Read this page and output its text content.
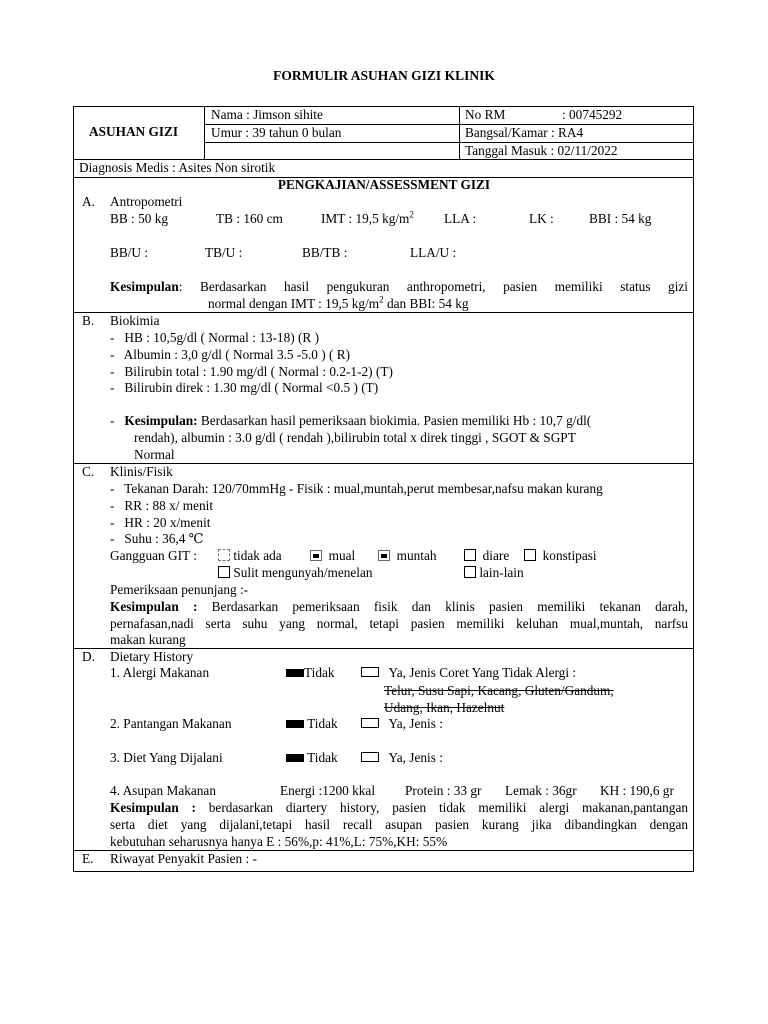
FORMULIR ASUHAN GIZI KLINIK
ASUHAN GIZI
Nama : Jimson sihite
Umur : 39 tahun 0 bulan
No RM	: 00745292
Bangsal/Kamar : RA4
Tanggal Masuk : 02/11/2022
Diagnosis Medis : Asites Non sirotik
PENGKAJIAN/ASSESSMENT GIZI
A. Antropometri
BB : 50 kg	TB : 160 cm	IMT : 19,5 $kg/m^2$ LLA :	LK :	BBI : 54 kg
BB/U :	TB/U :	BB/TB :	LLA/U :
Kesimpulan: Berdasarkan hasil pengukuran anthropometri, pasien memiliki status gizi
normal dengan IMT : 19,5 $kg/m^2$ dan BBI: 54 kg
B. Biokimia
-   HB : 10,5g/dl ( Normal : 13-18) (R )
-   Albumin : 3,0 g/dl ( Normal 3.5 -5.0 ) ( R)
-   Bilirubin total : 1.90 mg/dl ( Normal : 0.2-1-2) (T)
-   Bilirubin direk : 1.30 mg/dl ( Normal <0.5 ) (T)
-   Kesimpulan: Berdasarkan hasil pemeriksaan biokimia. Pasien memiliki Hb : 10,7 g/dl(
rendah), albumin : 3.0 g/dl ( rendah ),bilirubin total x direk tinggi , SGOT & SGPT
Normal
C. Klinis/Fisik
-   Tekanan Darah: 120/70mmHg - Fisik : mual,muntah,perut membesar,nafsu makan kurang
-   RR : 88 x/ menit
-   HR : 20 x/menit
-   Suhu : 36,4 ℃
Gangguan GIT :	tidak ada	mual	muntah	diare	konstipasi
Sulit mengunyah/menelan	lain-lain
Pemeriksaan penunjang :-
Kesimpulan : Berdasarkan pemeriksaan fisik dan klinis pasien memiliki tekanan darah,
pernafasan,nadi serta suhu yang normal, tetapi pasien memiliki keluhan mual,muntah, narfsu
makan kurang
D. Dietary History
1. Alergi Makanan	Tidak	Ya, Jenis Coret Yang Tidak Alergi :
Telur, Susu Sapi, Kacang, Gluten/Gandum,
Udang, Ikan, Hazelnut
2. Pantangan Makanan	Tidak	Ya, Jenis :
3. Diet Yang Dijalani	Tidak	Ya, Jenis :
4. Asupan Makanan	Energi :1200 kkal Protein : 33 gr Lemak : 36gr KH : 190,6 gr
Kesimpulan : berdasarkan diartery history, pasien tidak memiliki alergi makanan,pantangan
serta diet yang dijalani,tetapi hasil recall asupan pasien kurang jika dibandingkan dengan
kebutuhan seharusnya hanya E : 56%,p: 41%,L: 75%,KH: 55%
E. Riwayat Penyakit Pasien : -
